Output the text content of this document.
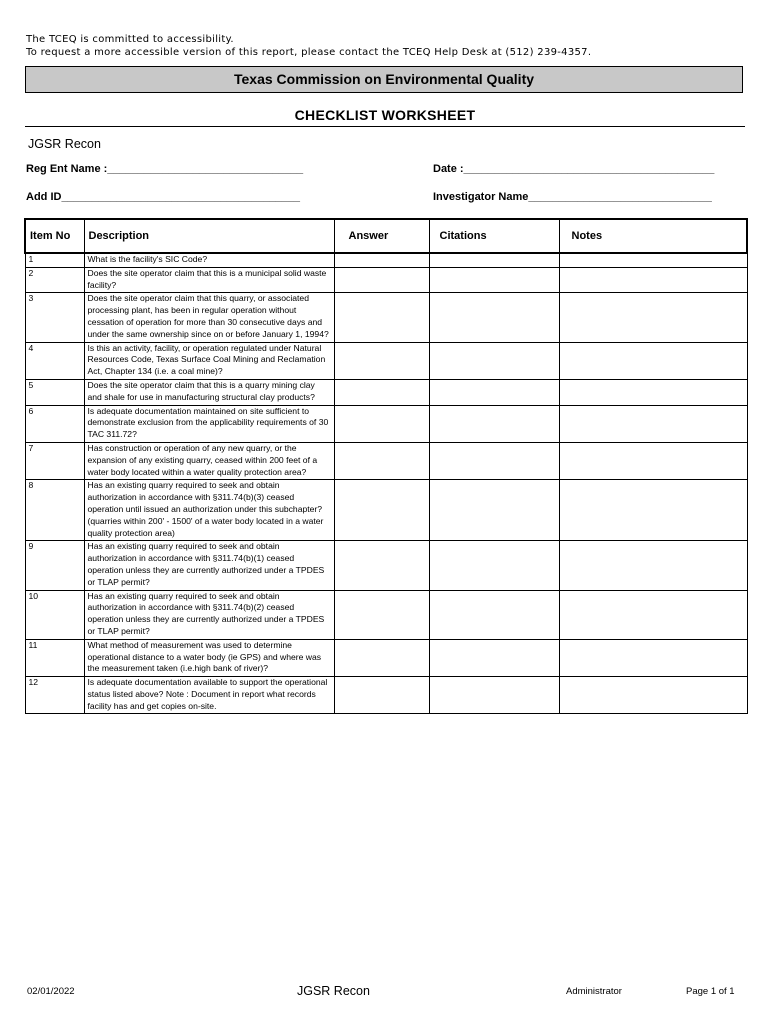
The TCEQ is committed to accessibility.
To request a more accessible version of this report, please contact the TCEQ Help Desk at (512) 239-4357.
Texas Commission on Environmental Quality
CHECKLIST WORKSHEET
JGSR Recon
Reg Ent Name :________________________________	Date :_________________________________________
Add ID_______________________________________	Investigator Name______________________________
Item No	Description	Answer	Citations	Notes
1	What is the facility's SIC Code?			
2	Does the site operator claim that this is a municipal solid waste facility?			
3	Does the site operator claim that this quarry, or associated processing plant, has been in regular operation without cessation of operation for more than 30 consecutive days and under the same ownership since on or before January 1, 1994?			
4	Is this an activity, facility, or operation regulated under Natural Resources Code, Texas Surface Coal Mining and Reclamation Act, Chapter 134 (i.e. a coal mine)?			
5	Does the site operator claim that this is a quarry mining clay and shale for use in manufacturing structural clay products?			
6	Is adequate documentation maintained on site sufficient to demonstrate exclusion from the applicability requirements of 30 TAC 311.72?			
7	Has construction or operation of any new quarry, or the expansion of any existing quarry, ceased within 200 feet of a water body located within a water quality protection area?			
8	Has an existing quarry required to seek and obtain authorization in accordance with §311.74(b)(3) ceased operation until issued an authorization under this subchapter? (quarries within 200' - 1500' of a water body located in a water quality protection area)			
9	Has an existing quarry required to seek and obtain authorization in accordance with §311.74(b)(1) ceased operation unless they are currently authorized under a TPDES or TLAP permit?			
10	Has an existing quarry required to seek and obtain authorization in accordance with §311.74(b)(2) ceased operation unless they are currently authorized under a TPDES or TLAP permit?			
11	What method of measurement was used to determine operational distance to a water body (ie GPS) and where was the measurement taken (i.e.high bank of river)?			
12	Is adequate documentation available to support the operational status listed above? Note : Document in report what records facility has and get copies on-site.			
02/01/2022	JGSR Recon	Administrator	Page 1 of 1
